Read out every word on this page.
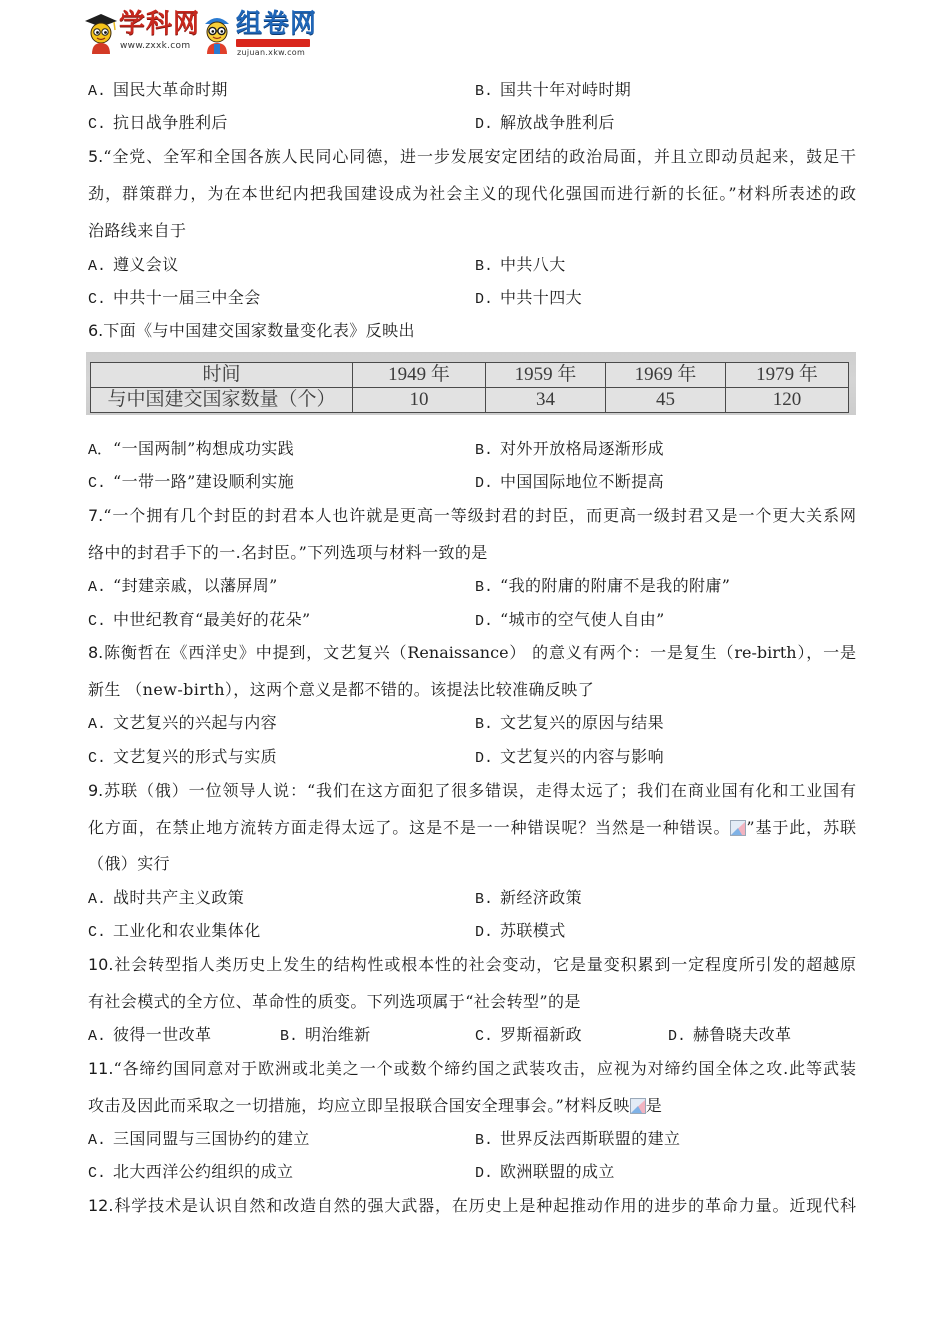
学科网
www.zxxk.com
组卷网
zujuan.xkw.com
A. 国民大革命时期	B. 国共十年对峙时期
C. 抗日战争胜利后	D. 解放战争胜利后
5.“全党、全军和全国各族人民同心同德，进一步发展安定团结的政治局面，并且立即动员起来，鼓足干
劲，群策群力，为在本世纪内把我国建设成为社会主义的现代化强国而进行新的长征。”材料所表述的政
治路线来自于
A. 遵义会议	B. 中共八大
C. 中共十一届三中全会	D. 中共十四大
6.下面《与中国建交国家数量变化表》反映出
时间	1949 年	1959 年	1969 年	1979 年
与中国建交国家数量（个）	10	34	45	120
A．“一国两制”构想成功实践	B. 对外开放格局逐渐形成
C. “一带一路”建设顺利实施	D. 中国国际地位不断提高
7.“一个拥有几个封臣的封君本人也许就是更高一等级封君的封臣，而更高一级封君又是一个更大关系网
络中的封君手下的一.名封臣。”下列选项与材料一致的是
A. “封建亲戚，以藩屏周”	B. “我的附庸的附庸不是我的附庸”
C. 中世纪教育“最美好的花朵”	D. “城市的空气使人自由”
8.陈衡哲在《西洋史》中提到，文艺复兴（Renaissance） 的意义有两个：一是复生（re-birth），一是
新生 （new-birth），这两个意义是都不错的。该提法比较准确反映了
A. 文艺复兴的兴起与内容	B. 文艺复兴的原因与结果
C. 文艺复兴的形式与实质	D. 文艺复兴的内容与影响
9.苏联（俄）一位领导人说：“我们在这方面犯了很多错误，走得太远了；我们在商业国有化和工业国有
化方面，在禁止地方流转方面走得太远了。这是不是一一种错误呢？当然是一种错误。 ”基于此，苏联
（俄）实行
A. 战时共产主义政策	B. 新经济政策
C. 工业化和农业集体化	D. 苏联模式
10.社会转型指人类历史上发生的结构性或根本性的社会变动，它是量变积累到一定程度所引发的超越原
有社会模式的全方位、革命性的质变。下列选项属于“社会转型”的是
A. 彼得一世改革	B. 明治维新	C. 罗斯福新政	D. 赫鲁晓夫改革
11.“各缔约国同意对于欧洲或北美之一个或数个缔约国之武装攻击，应视为对缔约国全体之攻.此等武装
攻击及因此而采取之一切措施，均应立即呈报联合国安全理事会。”材料反映 是
A. 三国同盟与三国协约的建立	B. 世界反法西斯联盟的建立
C. 北大西洋公约组织的成立	D. 欧洲联盟的成立
12.科学技术是认识自然和改造自然的强大武器，在历史上是种起推动作用的进步的革命力量。近现代科
